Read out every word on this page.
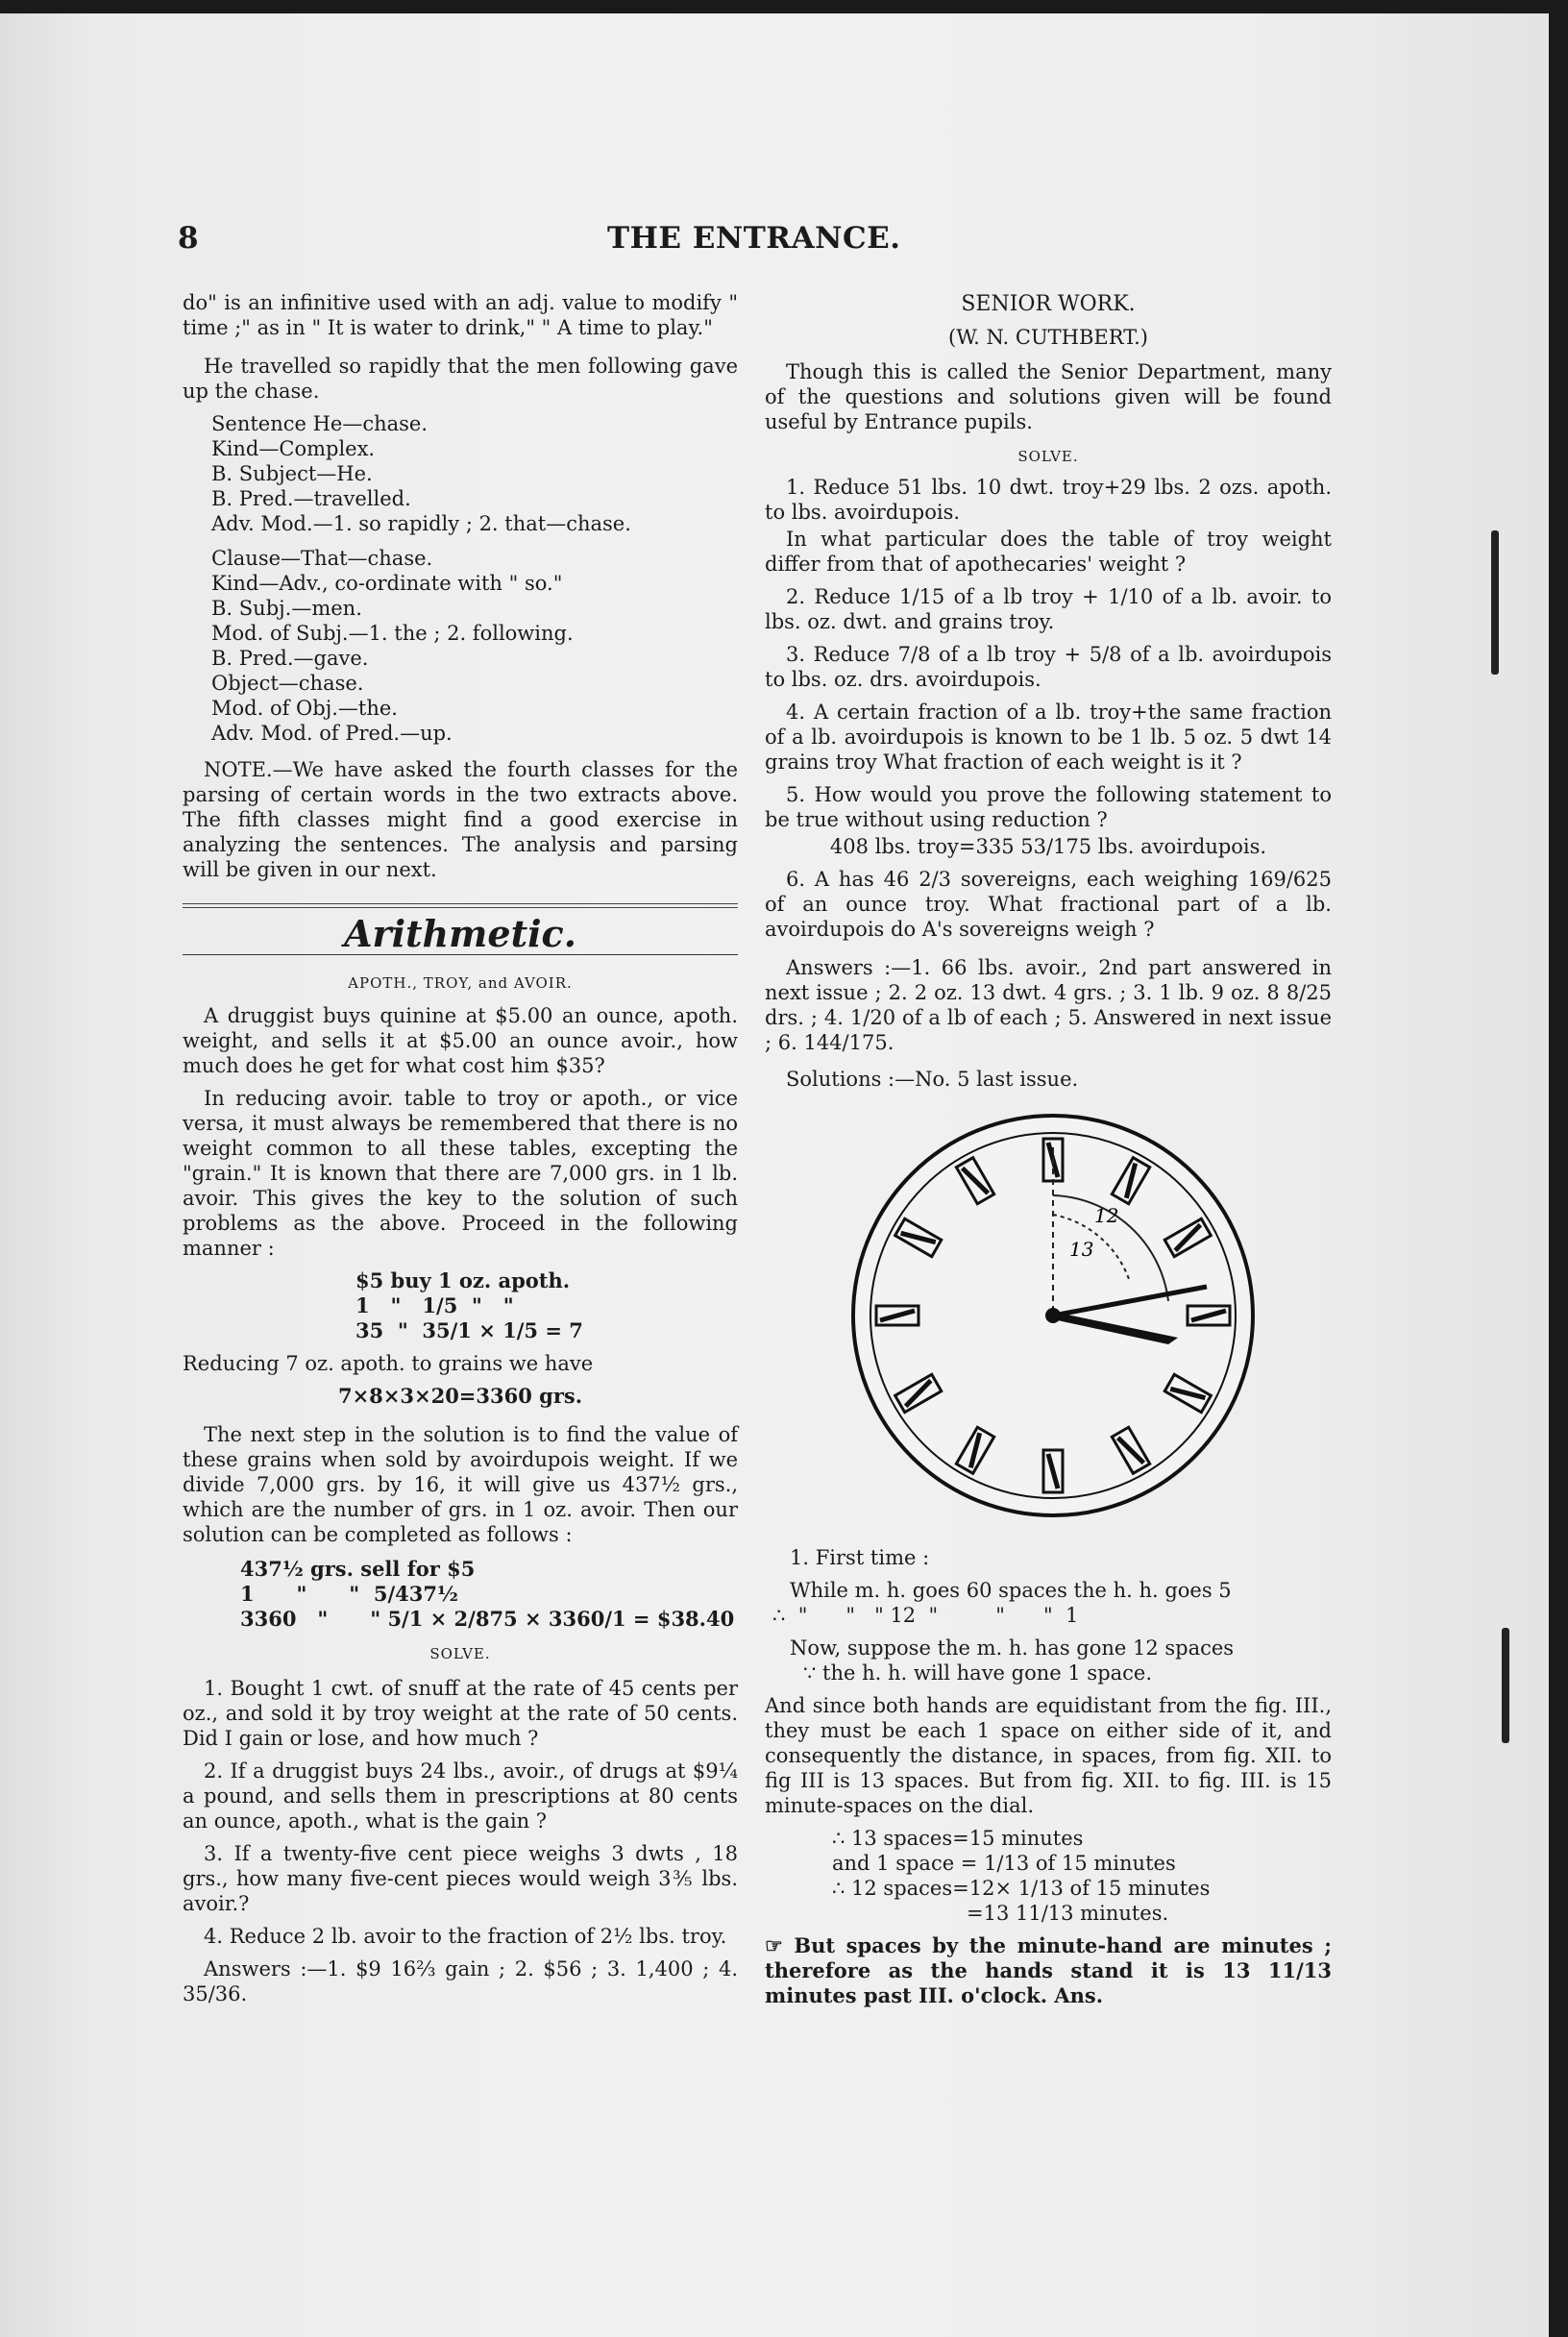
8	THE ENTRANCE.

do" is an infinitive used with an adj. value to modify " time ;" as in " It is water to drink," " A time to play."

He travelled so rapidly that the men following gave up the chase.

Sentence He—chase.
Kind—Complex.
B. Subject—He.
B. Pred.—travelled.
Adv. Mod.—1. so rapidly ; 2. that—chase.
Clause—That—chase.
Kind—Adv., co-ordinate with " so."
B. Subj.—men.
Mod. of Subj.—1. the ; 2. following.
B. Pred.—gave.
Object—chase.
Mod. of Obj.—the.
Adv. Mod. of Pred.—up.

NOTE.—We have asked the fourth classes for the parsing of certain words in the two extracts above. The fifth classes might find a good exercise in analyzing the sentences. The analysis and parsing will be given in our next.

Arithmetic.
APOTH., TROY, and AVOIR.

A druggist buys quinine at $5.00 an ounce, apoth. weight, and sells it at $5.00 an ounce avoir., how much does he get for what cost him $35?

In reducing avoir. table to troy or apoth., or vice versa, it must always be remembered that there is no weight common to all these tables, excepting the "grain." It is known that there are 7,000 grs. in 1 lb. avoir. This gives the key to the solution of such problems as the above. Proceed in the following manner :

$5 buy 1 oz. apoth.
1   "   1/5  "   "
35  "  35/1 × 1/5 = 7

Reducing 7 oz. apoth. to grains we have

7×8×3×20=3360 grs.

The next step in the solution is to find the value of these grains when sold by avoirdupois weight. If we divide 7,000 grs. by 16, it will give us 437½ grs., which are the number of grs. in 1 oz. avoir. Then our solution can be completed as follows :

437½ grs. sell for $5
1      "      "  5/437½
3360   "      " 5/1 × 2/875 × 3360/1 = $38.40
SOLVE.

1. Bought 1 cwt. of snuff at the rate of 45 cents per oz., and sold it by troy weight at the rate of 50 cents. Did I gain or lose, and how much ?

2. If a druggist buys 24 lbs., avoir., of drugs at $9¼ a pound, and sells them in prescriptions at 80 cents an ounce, apoth., what is the gain ?

3. If a twenty-five cent piece weighs 3 dwts , 18 grs., how many five-cent pieces would weigh 3⅗ lbs. avoir.?

4. Reduce 2 lb. avoir to the fraction of 2½ lbs. troy.

Answers :—1. $9 16⅔ gain ; 2. $56 ; 3. 1,400 ; 4. 35/36.

SENIOR WORK.
(W. N. CUTHBERT.)

Though this is called the Senior Department, many of the questions and solutions given will be found useful by Entrance pupils.

SOLVE.

1. Reduce 51 lbs. 10 dwt. troy+29 lbs. 2 ozs. apoth. to lbs. avoirdupois.

In what particular does the table of troy weight differ from that of apothecaries' weight ?

2. Reduce 1/15 of a lb troy + 1/10 of a lb. avoir. to lbs. oz. dwt. and grains troy.

3. Reduce 7/8 of a lb troy + 5/8 of a lb. avoirdupois to lbs. oz. drs. avoirdupois.

4. A certain fraction of a lb. troy+the same fraction of a lb. avoirdupois is known to be 1 lb. 5 oz. 5 dwt 14 grains troy What fraction of each weight is it ?

5. How would you prove the following statement to be true without using reduction ?

408 lbs. troy=335 53/175 lbs. avoirdupois.

6. A has 46 2/3 sovereigns, each weighing 169/625 of an ounce troy. What fractional part of a lb. avoirdupois do A's sovereigns weigh ?

Answers :—1. 66 lbs. avoir., 2nd part answered in next issue ; 2. 2 oz. 13 dwt. 4 grs. ; 3. 1 lb. 9 oz. 8 8/25 drs. ; 4. 1/20 of a lb of each ; 5. Answered in next issue ; 6. 144/175.

Solutions :—No. 5 last issue.

12
13

1. First time :

While m. h. goes 60 spaces the h. h. goes 5
∴  "      "   " 12  "         "      "  1
Now, suppose the m. h. has gone 12 spaces
∵ the h. h. will have gone 1 space.

And since both hands are equidistant from the fig. III., they must be each 1 space on either side of it, and consequently the distance, in spaces, from fig. XII. to fig III is 13 spaces. But from fig. XII. to fig. III. is 15 minute-spaces on the dial.

∴ 13 spaces=15 minutes
and 1 space = 1/13 of 15 minutes
∴ 12 spaces=12× 1/13 of 15 minutes
=13 11/13 minutes.

☞ But spaces by the minute-hand are minutes ; therefore as the hands stand it is 13 11/13 minutes past III. o'clock. Ans.
